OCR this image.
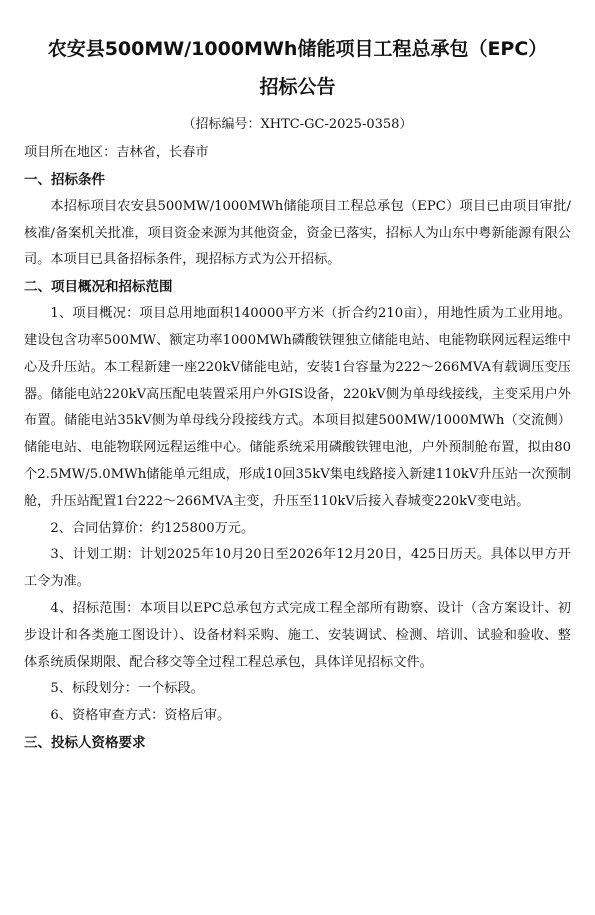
农安县500MW/1000MWh储能项目工程总承包（EPC）
招标公告
（招标编号：XHTC-GC-2025-0358）

项目所在地区：吉林省，长春市

一、招标条件

本招标项目农安县500MW/1000MWh储能项目工程总承包（EPC）项目已由项目审批/核准/备案机关批准，项目资金来源为其他资金，资金已落实，招标人为山东中粤新能源有限公司。本项目已具备招标条件，现招标方式为公开招标。

二、项目概况和招标范围

1、项目概况：项目总用地面积140000平方米（折合约210亩），用地性质为工业用地。建设包含功率500MW、额定功率1000MWh磷酸铁锂独立储能电站、电能物联网远程运维中心及升压站。本工程新建一座220kV储能电站，安装1台容量为222～266MVA有载调压变压器。储能电站220kV高压配电装置采用户外GIS设备，220kV侧为单母线接线，主变采用户外布置。储能电站35kV侧为单母线分段接线方式。本项目拟建500MW/1000MWh（交流侧）储能电站、电能物联网远程运维中心。储能系统采用磷酸铁锂电池，户外预制舱布置，拟由80个2.5MW/5.0MWh储能单元组成，形成10回35kV集电线路接入新建110kV升压站一次预制舱，升压站配置1台222～266MVA主变，升压至110kV后接入春城变220kV变电站。

2、合同估算价：约125800万元。

3、计划工期：计划2025年10月20日至2026年12月20日，425日历天。具体以甲方开工令为准。

4、招标范围：本项目以EPC总承包方式完成工程全部所有勘察、设计（含方案设计、初步设计和各类施工图设计）、设备材料采购、施工、安装调试、检测、培训、试验和验收、整体系统质保期限、配合移交等全过程工程总承包，具体详见招标文件。

5、标段划分：一个标段。

6、资格审查方式：资格后审。

三、投标人资格要求
